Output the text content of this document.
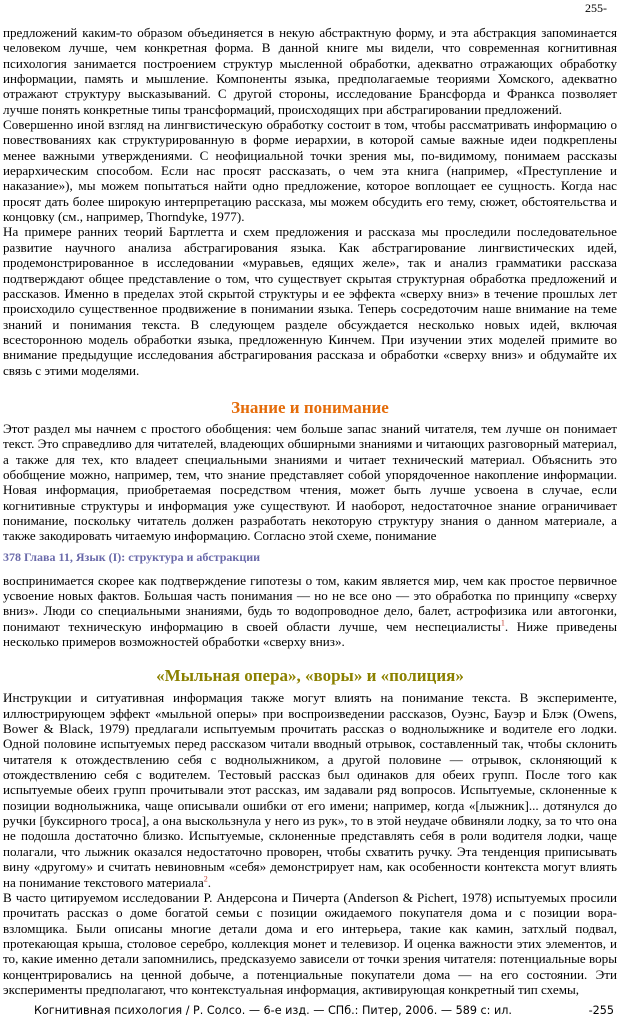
255-

предложений каким-то образом объединяется в некую абстрактную форму, и эта абстракция запоминается человеком лучше, чем конкретная форма. В данной книге мы видели, что современная когнитивная психология занимается построением структур мысленной обработки, адекватно отражающих обработку информации, память и мышление. Компоненты языка, предполагаемые теориями Хомского, адекватно отражают структуру высказываний. С другой стороны, исследование Брансфорда и Франкса позволяет лучше понять конкретные типы трансформаций, происходящих при абстрагировании предложений.

Совершенно иной взгляд на лингвистическую обработку состоит в том, чтобы рассматривать информацию о повествованиях как структурированную в форме иерархии, в которой самые важные идеи подкреплены менее важными утверждениями. С неофициальной точки зрения мы, по-видимому, понимаем рассказы иерархическим способом. Если нас просят рассказать, о чем эта книга (например, «Преступление и наказание»), мы можем попытаться найти одно предложение, которое воплощает ее сущность. Когда нас просят дать более широкую интерпретацию рассказа, мы можем обсудить его тему, сюжет, обстоятельства и концовку (см., например, Thorndyke, 1977).

На примере ранних теорий Бартлетта и схем предложения и рассказа мы проследили последовательное развитие научного анализа абстрагирования языка. Как абстрагирование лингвистических идей, продемонстрированное в исследовании «муравьев, едящих желе», так и анализ грамматики рассказа подтверждают общее представление о том, что существует скрытая структурная обработка предложений и рассказов. Именно в пределах этой скрытой структуры и ее эффекта «сверху вниз» в течение прошлых лет происходило существенное продвижение в понимании языка. Теперь сосредоточим наше внимание на теме знаний и понимания текста. В следующем разделе обсуждается несколько новых идей, включая всесторонною модель обработки языка, предложенную Кинчем. При изучении этих моделей примите во внимание предыдущие исследования абстрагирования рассказа и обработки «сверху вниз» и обдумайте их связь с этими моделями.

Знание и понимание

Этот раздел мы начнем с простого обобщения: чем больше запас знаний читателя, тем лучше он понимает текст. Это справедливо для читателей, владеющих обширными знаниями и читающих разговорный материал, а также для тех, кто владеет специальными знаниями и читает технический материал. Объяснить это обобщение можно, например, тем, что знание представляет собой упорядоченное накопление информации. Новая информация, приобретаемая посредством чтения, может быть лучше усвоена в случае, если когнитивные структуры и информация уже существуют. И наоборот, недостаточное знание ограничивает понимание, поскольку читатель должен разработать некоторую структуру знания о данном материале, а также закодировать читаемую информацию. Согласно этой схеме, понимание

378 Глава 11, Язык (I): структура и абстракции

воспринимается скорее как подтверждение гипотезы о том, каким является мир, чем как простое первичное усвоение новых фактов. Большая часть понимания — но не все оно — это обработка по принципу «сверху вниз». Люди со специальными знаниями, будь то водопроводное дело, балет, астрофизика или автогонки, понимают техническую информацию в своей области лучше, чем неспециалисты$^1$. Ниже приведены несколько примеров возможностей обработки «сверху вниз».

«Мыльная опера», «воры» и «полиция»

Инструкции и ситуативная информация также могут влиять на понимание текста. В эксперименте, иллюстрирующем эффект «мыльной оперы» при воспроизведении рассказов, Оуэнс, Бауэр и Блэк (Owens, Bower & Black, 1979) предлагали испытуемым прочитать рассказ о воднолыжнике и водителе его лодки. Одной половине испытуемых перед рассказом читали вводный отрывок, составленный так, чтобы склонить читателя к отождествлению себя с воднолыжником, а другой половине — отрывок, склоняющий к отождествлению себя с водителем. Тестовый рассказ был одинаков для обеих групп. После того как испытуемые обеих групп прочитывали этот рассказ, им задавали ряд вопросов. Испытуемые, склоненные к позиции воднолыжника, чаще описывали ошибки от его имени; например, когда «[лыжник]... дотянулся до ручки [буксирного троса], а она выскользнула у него из рук», то в этой неудаче обвиняли лодку, за то что она не подошла достаточно близко. Испытуемые, склоненные представлять себя в роли водителя лодки, чаще полагали, что лыжник оказался недостаточно проворен, чтобы схватить ручку. Эта тенденция приписывать вину «другому» и считать невиновным «себя» демонстрирует нам, как особенности контекста могут влиять на понимание текстового материала$^2$.

В часто цитируемом исследовании Р. Андерсона и Пичерта (Anderson & Pichert, 1978) испытуемых просили прочитать рассказ о доме богатой семьи с позиции ожидаемого покупателя дома и с позиции вора-взломщика. Были описаны многие детали дома и его интерьера, такие как камин, затхлый подвал, протекающая крыша, столовое серебро, коллекция монет и телевизор. И оценка важности этих элементов, и то, какие именно детали запомнились, предсказуемо зависели от точки зрения читателя: потенциальные воры концентрировались на ценной добыче, а потенциальные покупатели дома — на его состоянии. Эти эксперименты предполагают, что контекстуальная информация, активирующая конкретный тип схемы,

Когнитивная психология / Р. Солсо. — 6-е изд. — СПб.: Питер, 2006. — 589 с: ил.	-255
